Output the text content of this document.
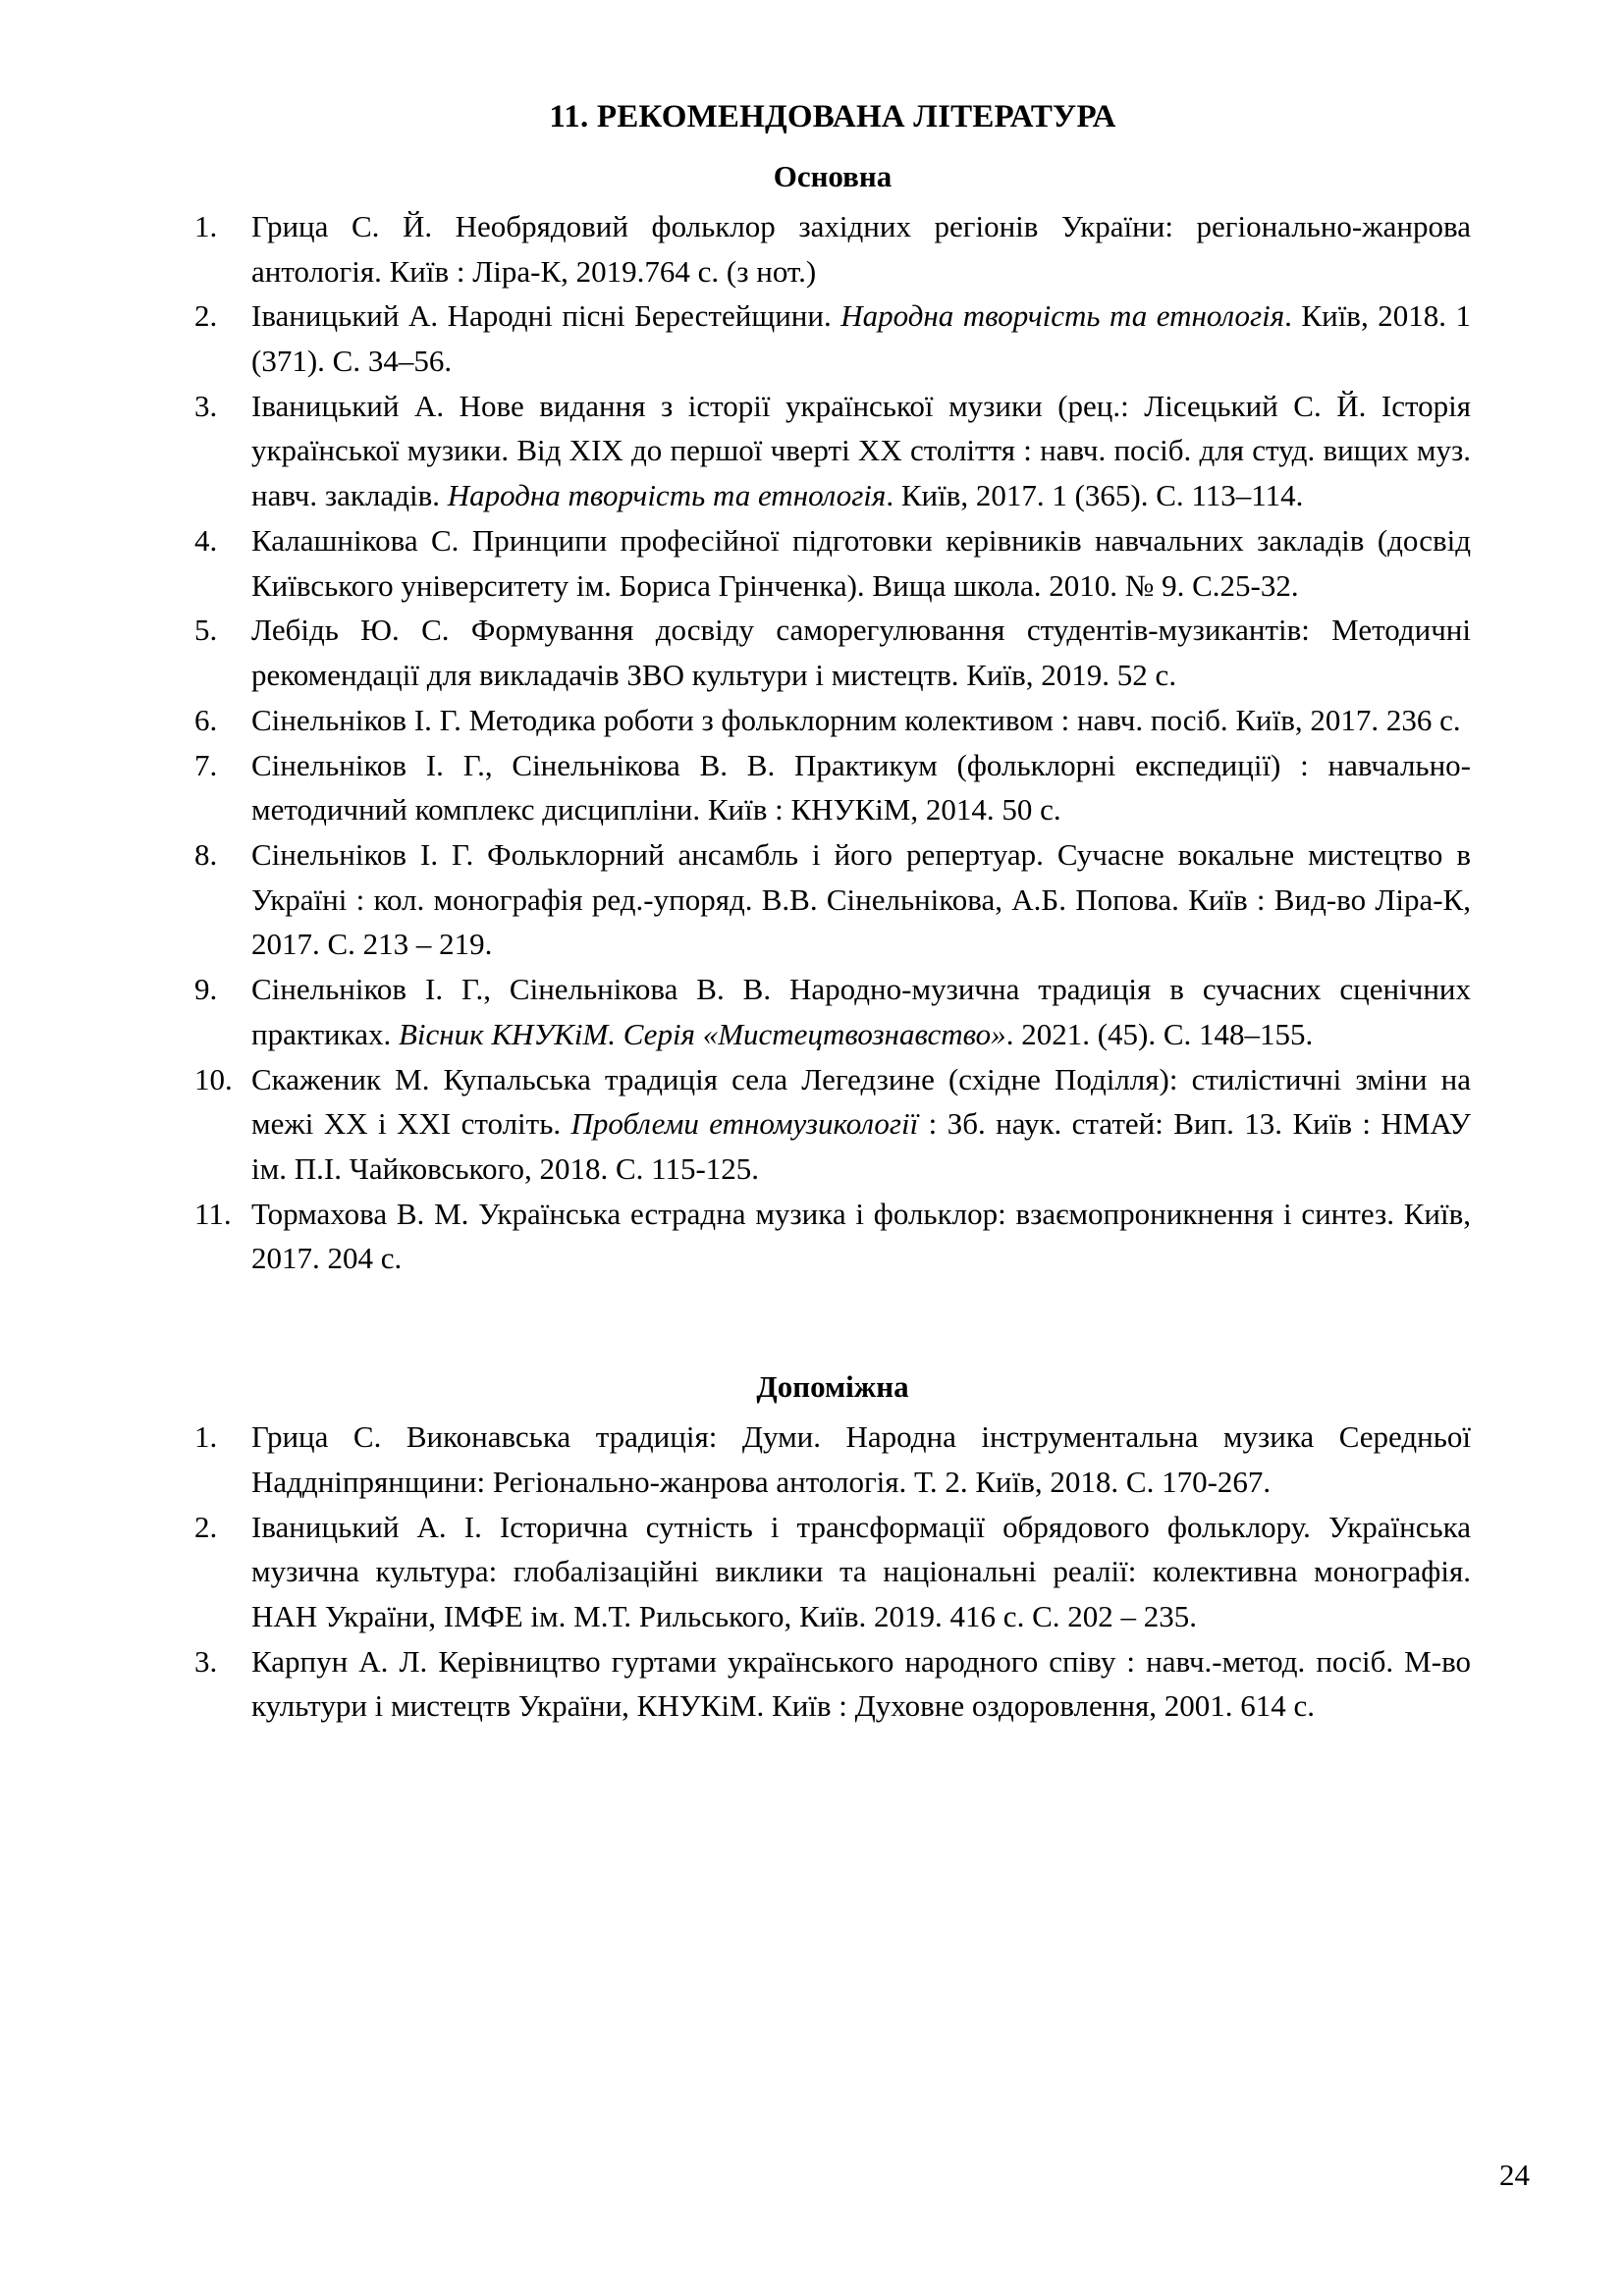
11. РЕКОМЕНДОВАНА ЛІТЕРАТУРА
Основна
Грица С. Й. Необрядовий фольклор західних регіонів України: регіонально-жанрова антологія. Київ : Ліра-К, 2019.764 с. (з нот.)
Іваницький А. Народні пісні Берестейщини. Народна творчість та етнологія. Київ, 2018. 1 (371). С. 34–56.
Іваницький А. Нове видання з історії української музики (рец.: Лісецький С. Й. Історія української музики. Від XIX до першої чверті XX століття : навч. посіб. для студ. вищих муз. навч. закладів. Народна творчість та етнологія. Київ, 2017. 1 (365). С. 113–114.
Калашнікова С. Принципи професійної підготовки керівників навчальних закладів (досвід Київського університету ім. Бориса Грінченка). Вища школа. 2010. № 9. С.25-32.
Лебідь Ю. С. Формування досвіду саморегулювання студентів-музикантів: Методичні рекомендації для викладачів ЗВО культури і мистецтв. Київ, 2019. 52 с.
Сінельніков І. Г. Методика роботи з фольклорним колективом : навч. посіб. Київ, 2017. 236 с.
Сінельніков І. Г., Сінельнікова В. В. Практикум (фольклорні експедиції) : навчально-методичний комплекс дисципліни. Київ : КНУКіМ, 2014. 50 с.
Сінельніков І. Г. Фольклорний ансамбль і його репертуар. Сучасне вокальне мистецтво в Україні : кол. монографія ред.-упоряд. В.В. Сінельнікова, А.Б. Попова. Київ : Вид-во Ліра-К, 2017. С. 213 – 219.
Сінельніков І. Г., Сінельнікова В. В. Народно-музична традиція в сучасних сценічних практиках. Вісник КНУКіМ. Серія «Мистецтвознавство». 2021. (45). С. 148–155.
Скаженик М. Купальська традиція села Легедзине (східне Поділля): стилістичні зміни на межі XX і XXI століть. Проблеми етномузикології : Зб. наук. статей: Вип. 13. Київ : НМАУ ім. П.І. Чайковського, 2018. С. 115-125.
Тормахова В. М. Українська естрадна музика і фольклор: взаємопроникнення і синтез. Київ, 2017. 204 с.
Допоміжна
Грица С. Виконавська традиція: Думи. Народна інструментальна музика Середньої Наддніпрянщини: Регіонально-жанрова антологія. Т. 2. Київ, 2018. С. 170-267.
Іваницький А. І. Історична сутність і трансформації обрядового фольклору. Українська музична культура: глобалізаційні виклики та національні реалії: колективна монографія. НАН України, ІМФЕ ім. М.Т. Рильського, Київ. 2019. 416 с. С. 202 – 235.
Карпун А. Л. Керівництво гуртами українського народного співу : навч.-метод. посіб. М-во культури і мистецтв України, КНУКіМ. Київ : Духовне оздоровлення, 2001. 614 с.
24
